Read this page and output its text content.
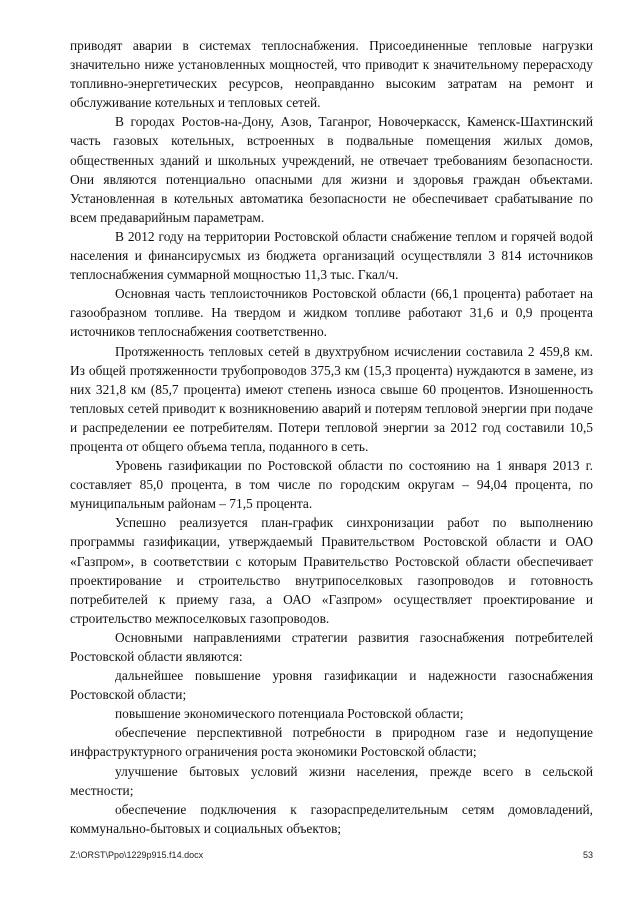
приводят аварии в системах теплоснабжения. Присоединенные тепловые нагрузки значительно ниже установленных мощностей, что приводит к значительному перерасходу топливно-энергетических ресурсов, неоправданно высоким затратам на ремонт и обслуживание котельных и тепловых сетей.

В городах Ростов-на-Дону, Азов, Таганрог, Новочеркасск, Каменск-Шахтинский часть газовых котельных, встроенных в подвальные помещения жилых домов, общественных зданий и школьных учреждений, не отвечает требованиям безопасности. Они являются потенциально опасными для жизни и здоровья граждан объектами. Установленная в котельных автоматика безопасности не обеспечивает срабатывание по всем предаварийным параметрам.

В 2012 году на территории Ростовской области снабжение теплом и горячей водой населения и финансирусмых из бюджета организаций осуществляли 3 814 источников теплоснабжения суммарной мощностью 11,3 тыс. Гкал/ч.

Основная часть теплоисточников Ростовской области (66,1 процента) работает на газообразном топливе. На твердом и жидком топливе работают 31,6 и 0,9 процента источников теплоснабжения соответственно.

Протяженность тепловых сетей в двухтрубном исчислении составила 2 459,8 км. Из общей протяженности трубопроводов 375,3 км (15,3 процента) нуждаются в замене, из них 321,8 км (85,7 процента) имеют степень износа свыше 60 процентов. Изношенность тепловых сетей приводит к возникновению аварий и потерям тепловой энергии при подаче и распределении ее потребителям. Потери тепловой энергии за 2012 год составили 10,5 процента от общего объема тепла, поданного в сеть.

Уровень газификации по Ростовской области по состоянию на 1 января 2013 г. составляет 85,0 процента, в том числе по городским округам – 94,04 процента, по муниципальным районам – 71,5 процента.

Успешно реализуется план-график синхронизации работ по выполнению программы газификации, утверждаемый Правительством Ростовской области и ОАО «Газпром», в соответствии с которым Правительство Ростовской области обеспечивает проектирование и строительство внутрипоселковых газопроводов и готовность потребителей к приему газа, а ОАО «Газпром» осуществляет проектирование и строительство межпоселковых газопроводов.

Основными направлениями стратегии развития газоснабжения потребителей Ростовской области являются:

дальнейшее повышение уровня газификации и надежности газоснабжения Ростовской области;

повышение экономического потенциала Ростовской области;

обеспечение перспективной потребности в природном газе и недопущение инфраструктурного ограничения роста экономики Ростовской области;

улучшение бытовых условий жизни населения, прежде всего в сельской местности;

обеспечение подключения к газораспределительным сетям домовладений, коммунально-бытовых и социальных объектов;

Z:\ORST\Ppo\1229p915.f14.docx	53
